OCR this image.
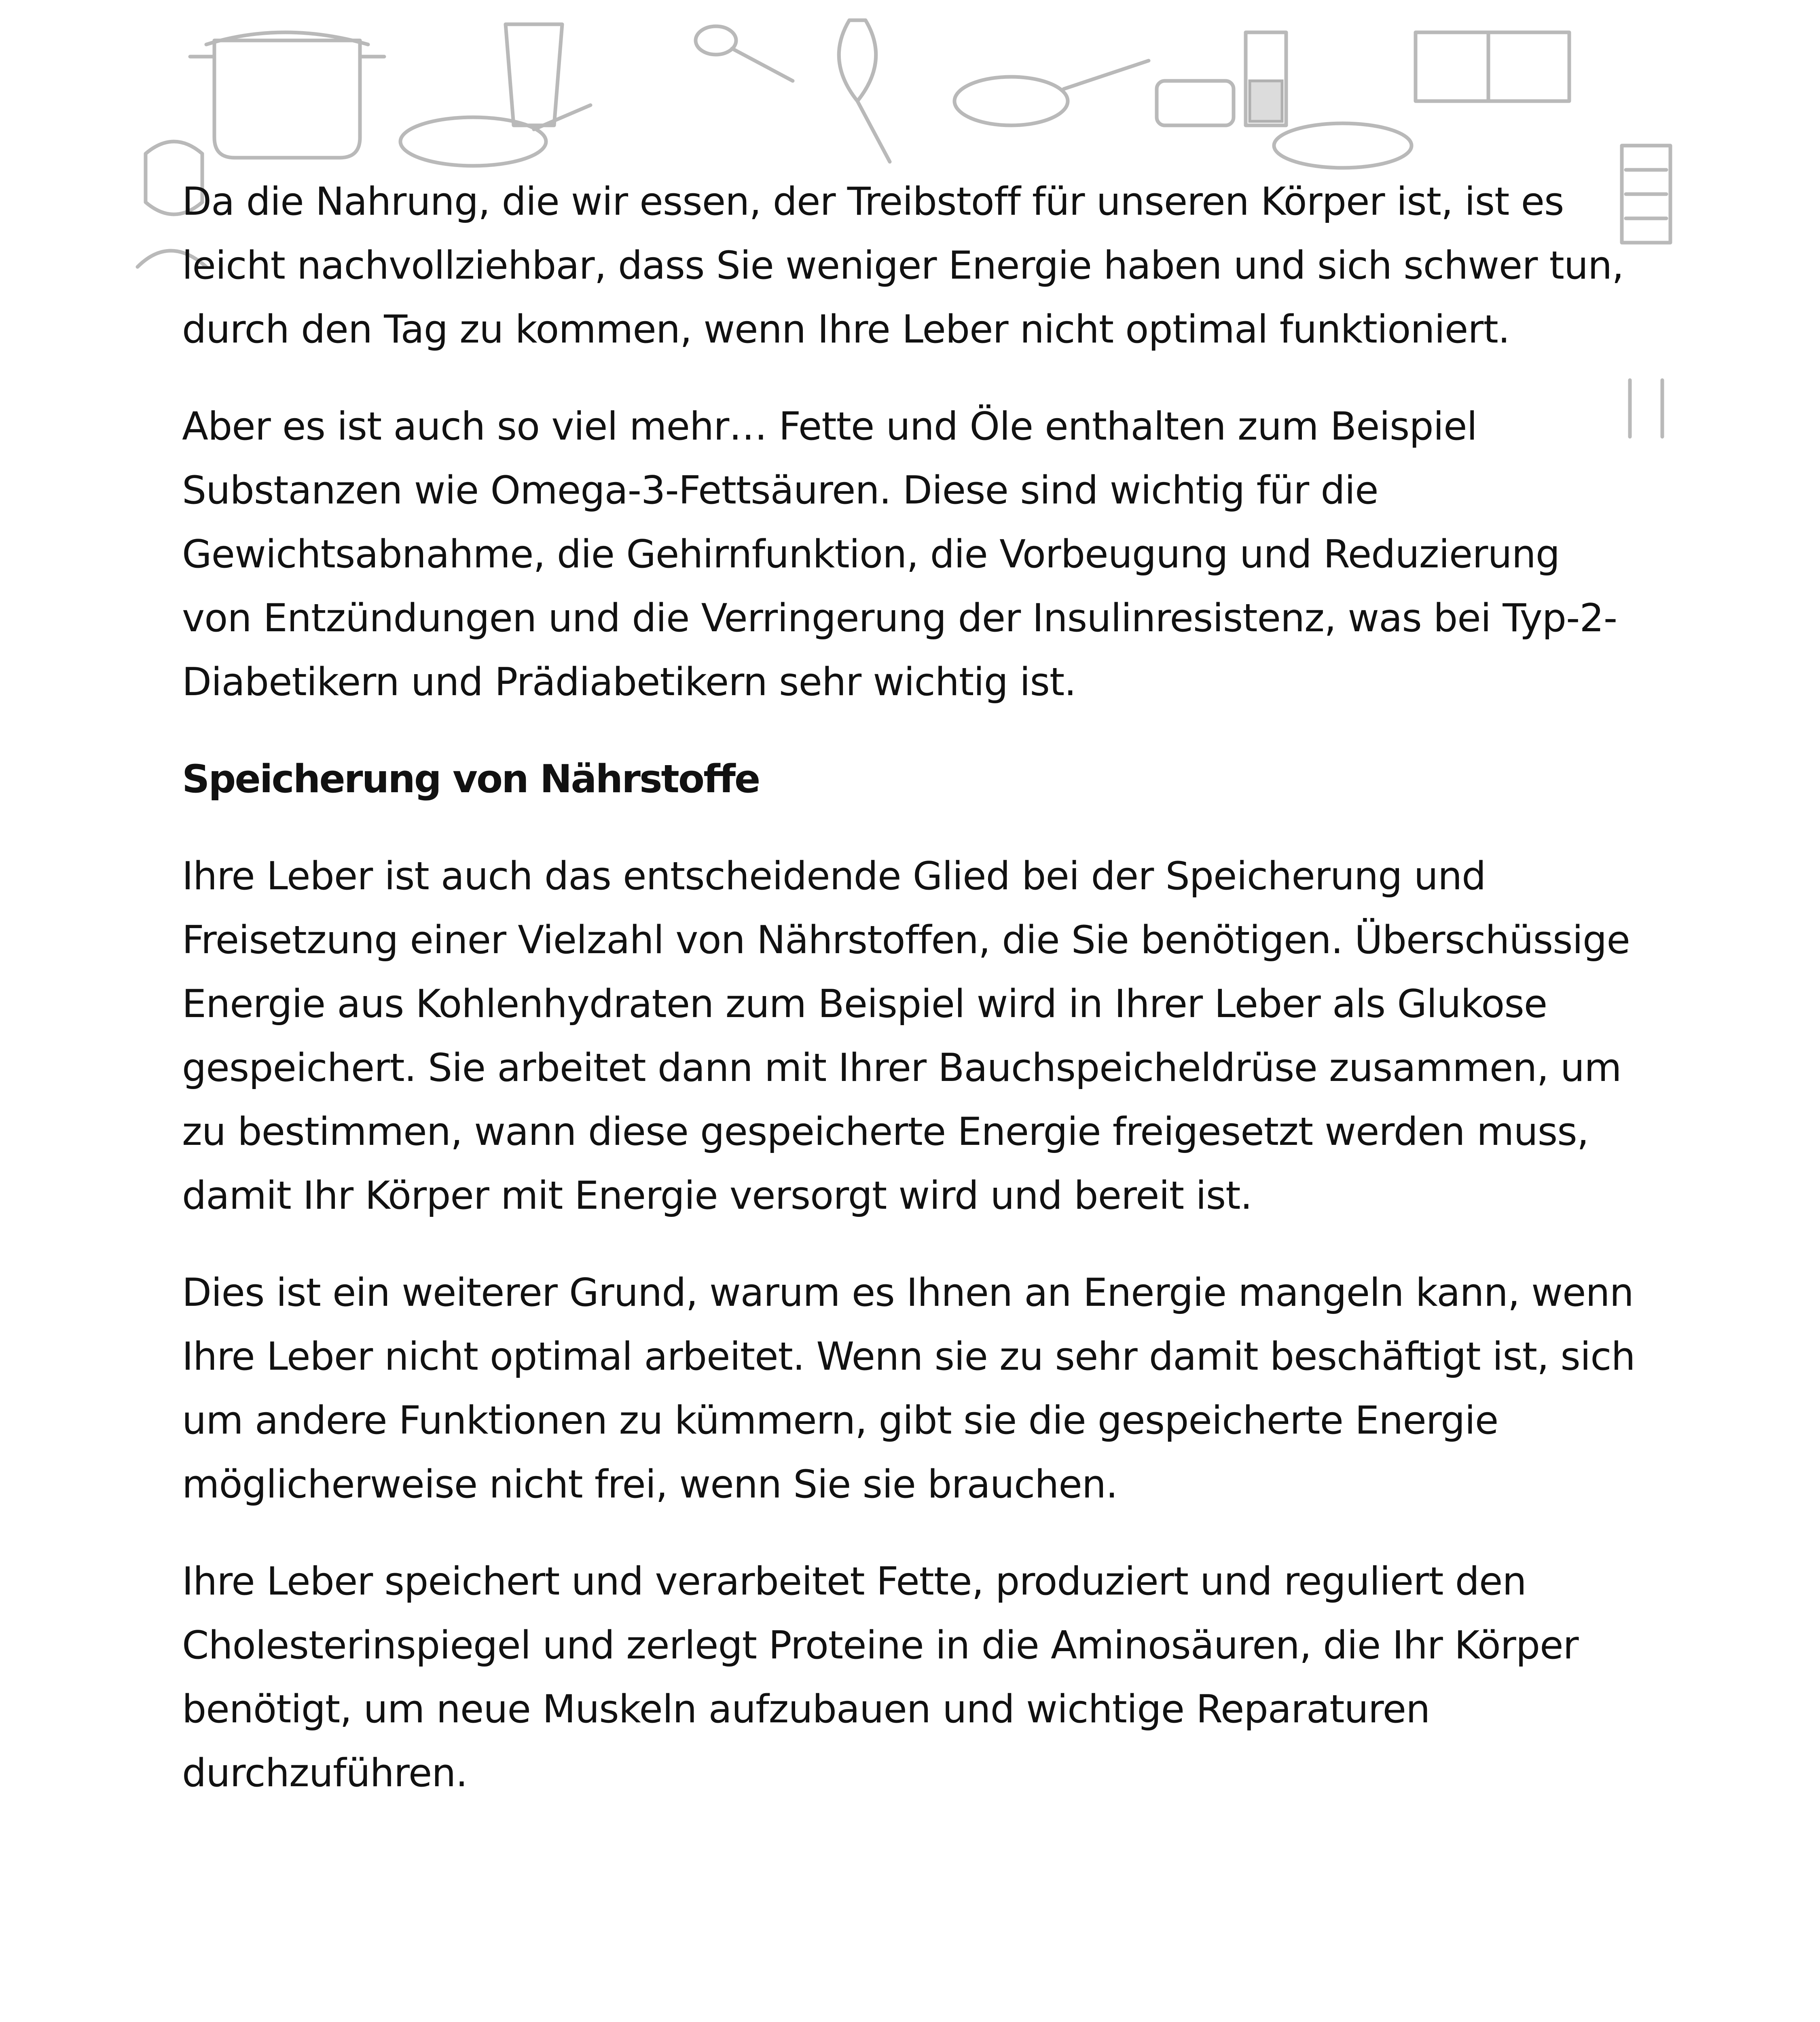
Da die Nahrung, die wir essen, der Treibstoff für unseren Körper ist, ist es leicht nachvollziehbar, dass Sie weniger Energie haben und sich schwer tun, durch den Tag zu kommen, wenn Ihre Leber nicht optimal funktioniert.

Aber es ist auch so viel mehr… Fette und Öle enthalten zum Beispiel Substanzen wie Omega-3-Fettsäuren. Diese sind wichtig für die Gewichtsabnahme, die Gehirnfunktion, die Vorbeugung und Reduzierung von Entzündungen und die Verringerung der Insulinresistenz, was bei Typ-2-Diabetikern und Prädiabetikern sehr wichtig ist.

Speicherung von Nährstoffe

Ihre Leber ist auch das entscheidende Glied bei der Speicherung und Freisetzung einer Vielzahl von Nährstoffen, die Sie benötigen. Überschüssige Energie aus Kohlenhydraten zum Beispiel wird in Ihrer Leber als Glukose gespeichert. Sie arbeitet dann mit Ihrer Bauchspeicheldrüse zusammen, um zu bestimmen, wann diese gespeicherte Energie freigesetzt werden muss, damit Ihr Körper mit Energie versorgt wird und bereit ist.

Dies ist ein weiterer Grund, warum es Ihnen an Energie mangeln kann, wenn Ihre Leber nicht optimal arbeitet. Wenn sie zu sehr damit beschäftigt ist, sich um andere Funktionen zu kümmern, gibt sie die gespeicherte Energie möglicherweise nicht frei, wenn Sie sie brauchen.

Ihre Leber speichert und verarbeitet Fette, produziert und reguliert den Cholesterinspiegel und zerlegt Proteine in die Aminosäuren, die Ihr Körper benötigt, um neue Muskeln aufzubauen und wichtige Reparaturen durchzuführen.
